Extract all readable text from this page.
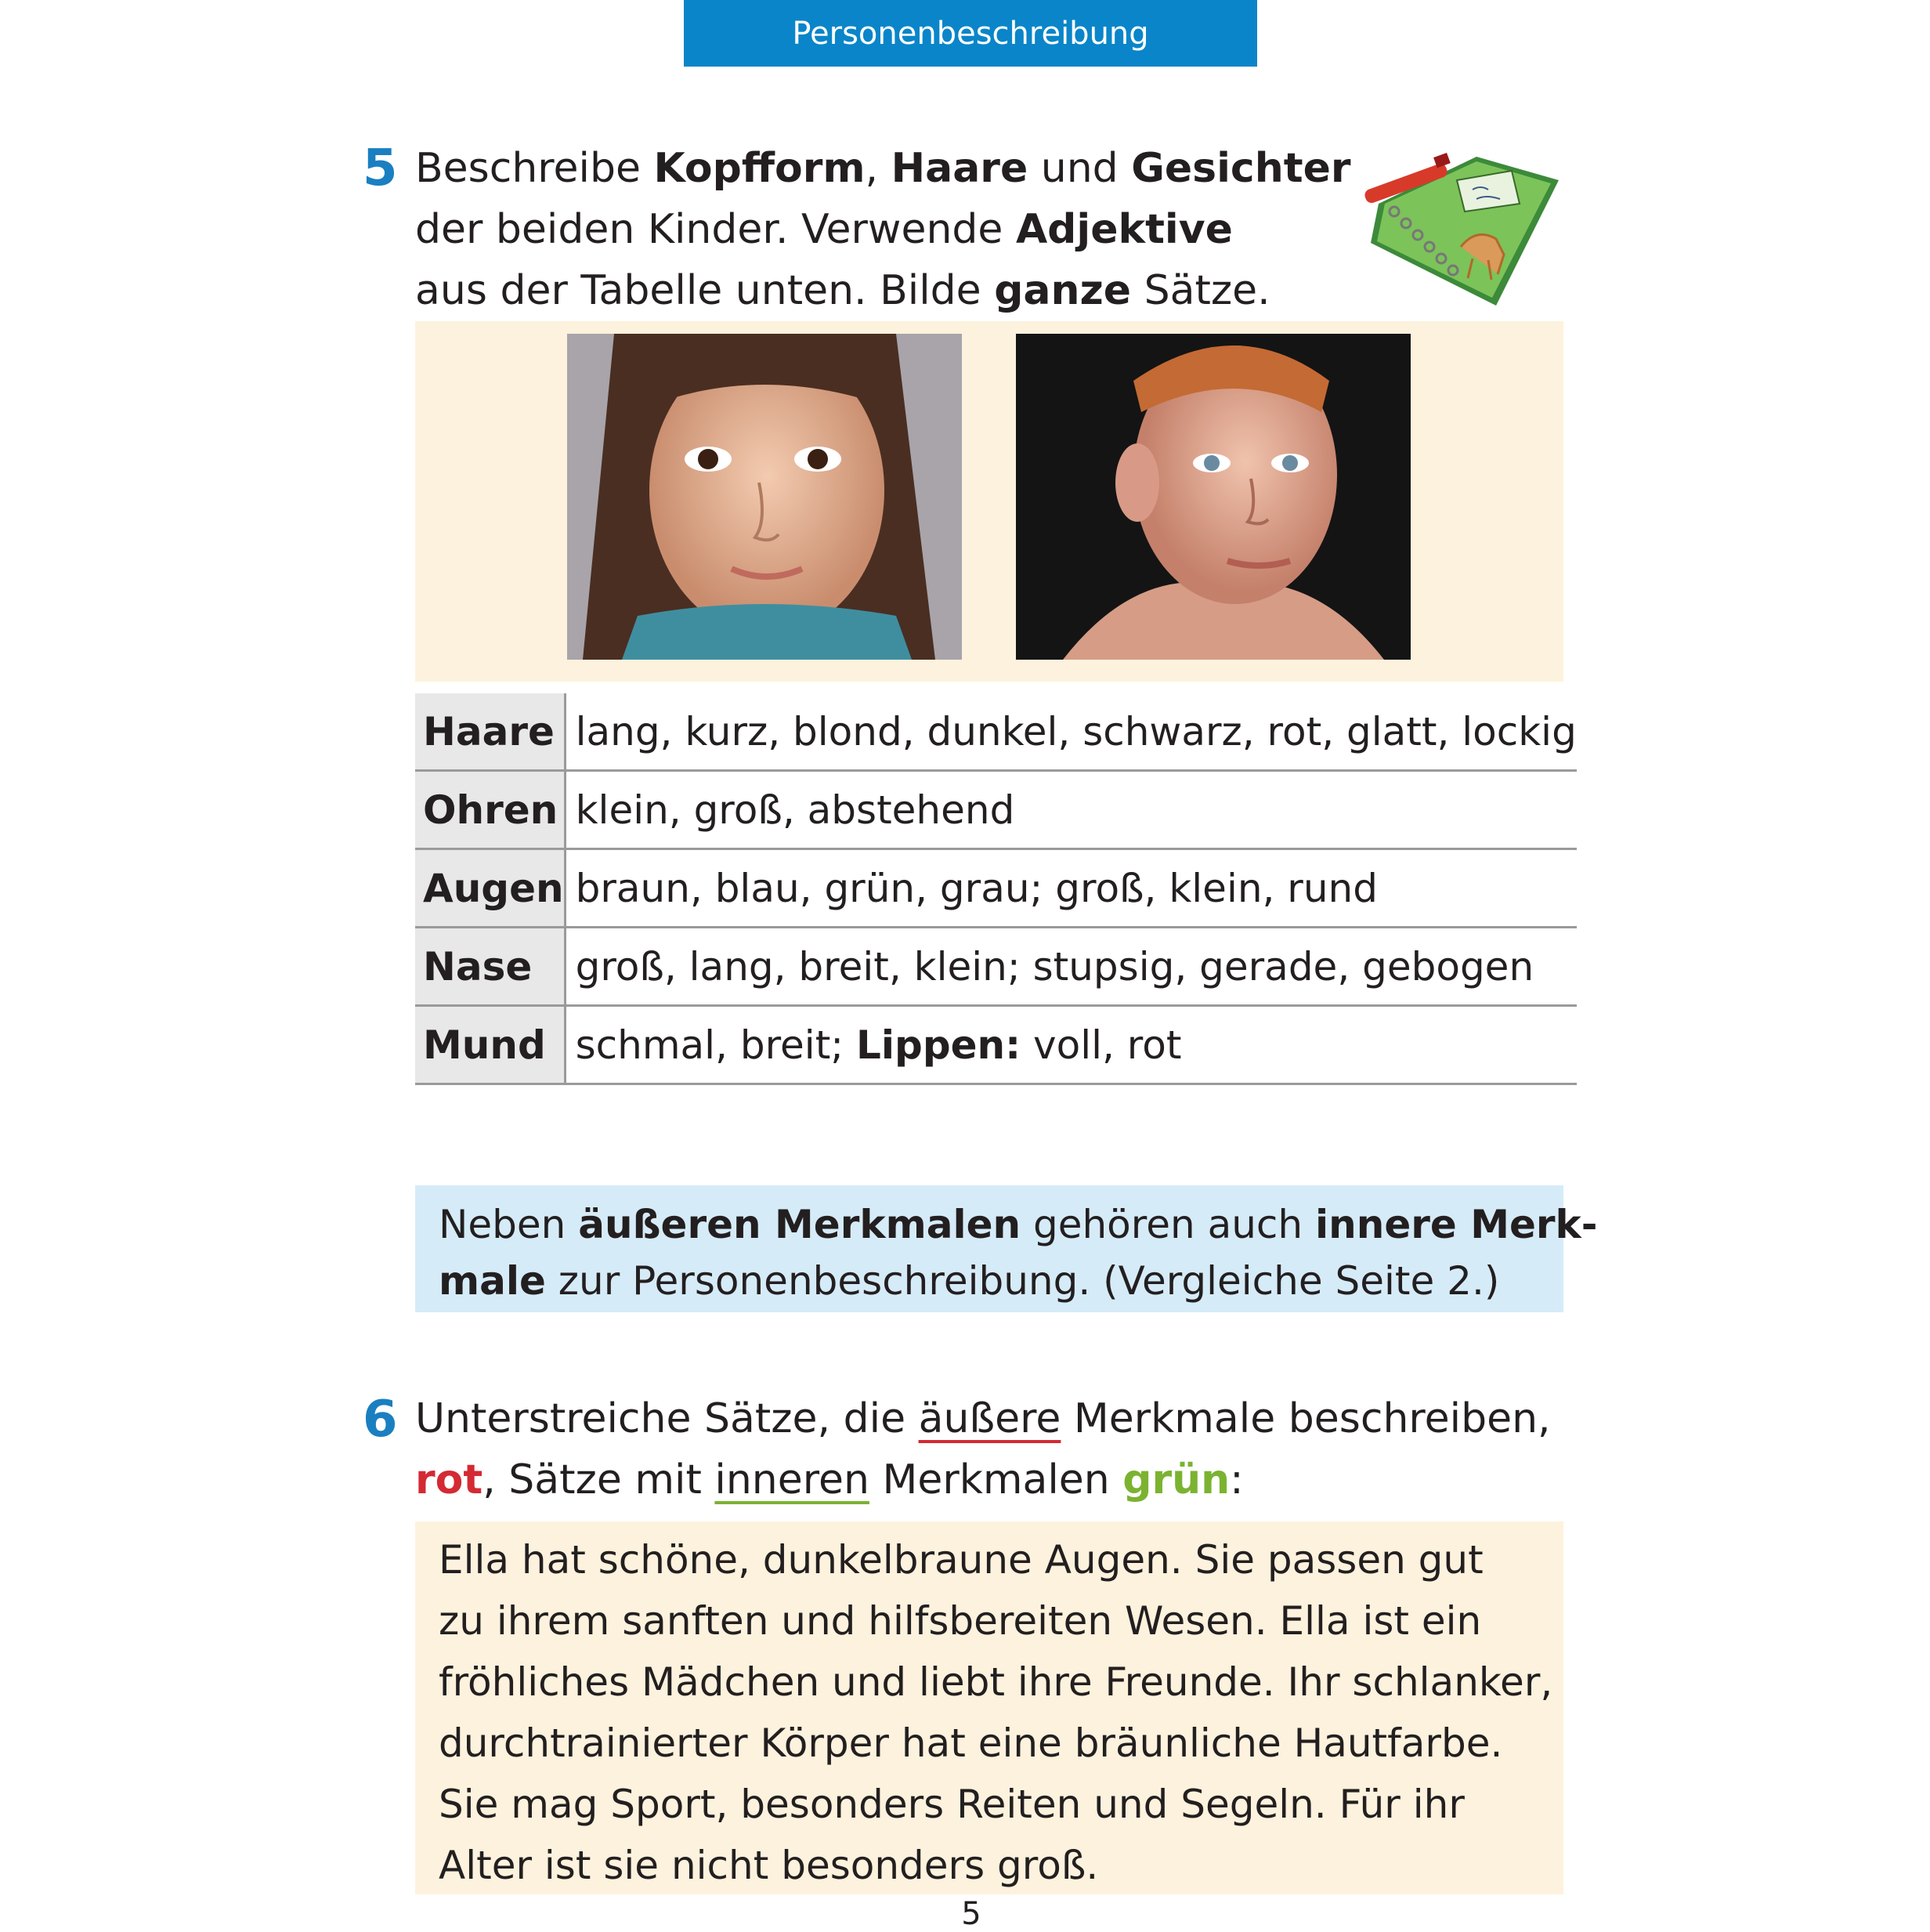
Personenbeschreibung
5 Beschreibe Kopfform, Haare und Gesichter
der beiden Kinder. Verwende Adjektive
aus der Tabelle unten. Bilde ganze Sätze.
Haare	lang, kurz, blond, dunkel, schwarz, rot, glatt, lockig
Ohren	klein, groß, abstehend
Augen	braun, blau, grün, grau; groß, klein, rund
Nase	groß, lang, breit, klein; stupsig, gerade, gebogen
Mund	schmal, breit; Lippen: voll, rot
Neben äußeren Merkmalen gehören auch innere Merk-
male zur Personenbeschreibung. (Vergleiche Seite 2.)
6 Unterstreiche Sätze, die äußere Merkmale beschreiben,
rot, Sätze mit inneren Merkmalen grün:
Ella hat schöne, dunkelbraune Augen. Sie passen gut
zu ihrem sanften und hilfsbereiten Wesen. Ella ist ein
fröhliches Mädchen und liebt ihre Freunde. Ihr schlanker,
durchtrainierter Körper hat eine bräunliche Hautfarbe.
Sie mag Sport, besonders Reiten und Segeln. Für ihr
Alter ist sie nicht besonders groß.
5
